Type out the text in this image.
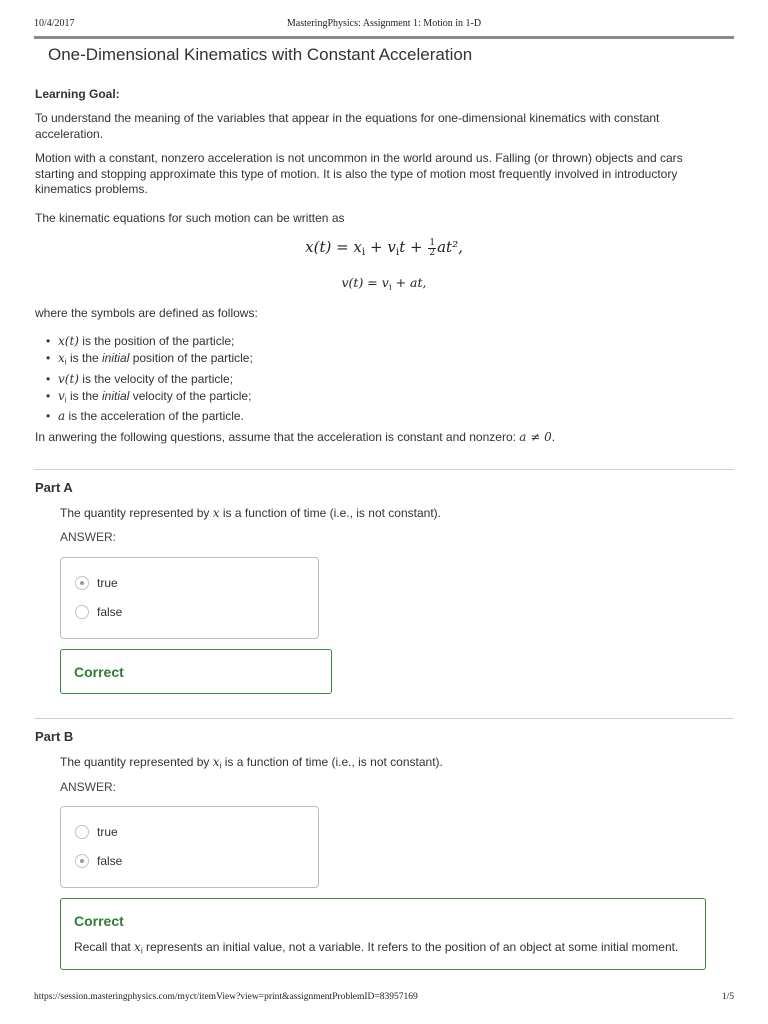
10/4/2017	MasteringPhysics: Assignment 1: Motion in 1-D
One-Dimensional Kinematics with Constant Acceleration
Learning Goal:
To understand the meaning of the variables that appear in the equations for one-dimensional kinematics with constant acceleration.
Motion with a constant, nonzero acceleration is not uncommon in the world around us. Falling (or thrown) objects and cars starting and stopping approximate this type of motion. It is also the type of motion most frequently involved in introductory kinematics problems.
The kinematic equations for such motion can be written as
$x(t) = x_i + v_it + \frac{1}{2} at^2$,
$v(t) = v_i$ + at,
where the symbols are defined as follows:
• x(t) is the position of the particle;
• $x_i$ is the initial position of the particle;
• v(t) is the velocity of the particle;
• $v_i$ is the initial velocity of the particle;
• a is the acceleration of the particle.
In anwering the following questions, assume that the acceleration is constant and nonzero: a ≠ 0.
Part A
The quantity represented by x is a function of time (i.e., is not constant).
ANSWER:
true
false
Correct
Part B
The quantity represented by $x_i$ is a function of time (i.e., is not constant).
ANSWER:
true
false
Correct
Recall that $x_i$ represents an initial value, not a variable. It refers to the position of an object at some initial moment.
https://session.masteringphysics.com/myct/itemView?view=print&assignmentProblemID=83957169	1/5
